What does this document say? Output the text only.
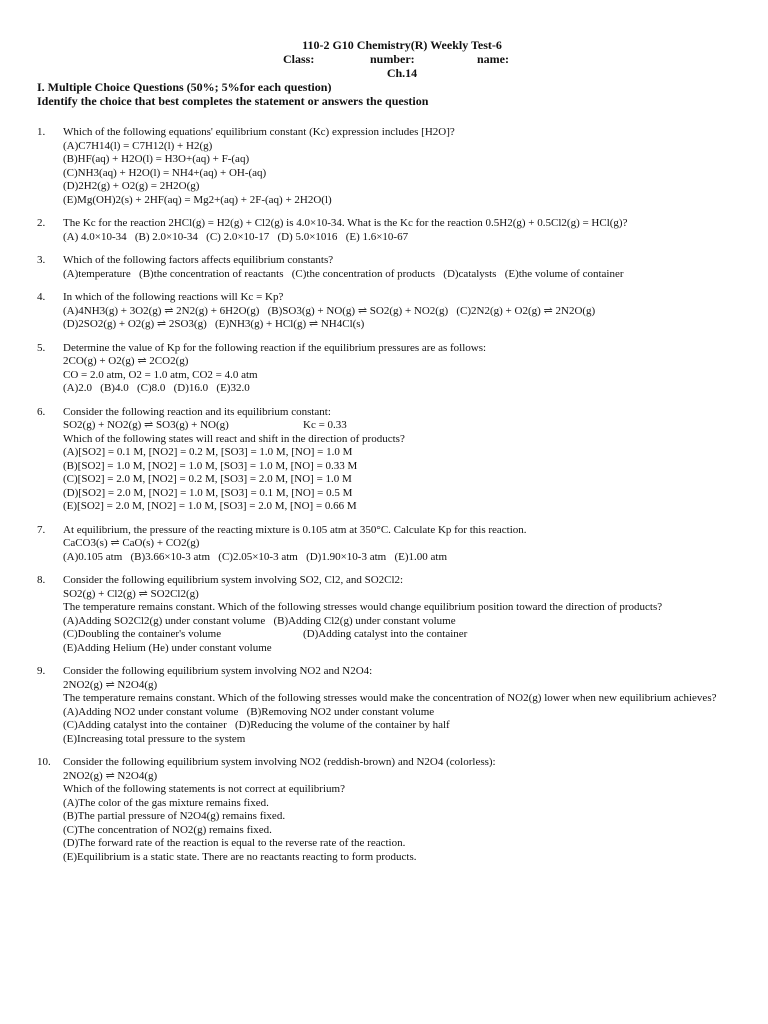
110-2 G10 Chemistry(R) Weekly Test-6
Class:	number:	name:
Ch.14
I. Multiple Choice Questions (50%; 5%for each question)
Identify the choice that best completes the statement or answers the question
1. Which of the following equations' equilibrium constant (Kc) expression includes [H2O]?
(A)C7H14(l) = C7H12(l) + H2(g)
(B)HF(aq) + H2O(l) = H3O+(aq) + F-(aq)
(C)NH3(aq) + H2O(l) = NH4+(aq) + OH-(aq)
(D)2H2(g) + O2(g) = 2H2O(g)
(E)Mg(OH)2(s) + 2HF(aq) = Mg2+(aq) + 2F-(aq) + 2H2O(l)
2. The Kc for the reaction 2HCl(g) = H2(g) + Cl2(g) is 4.0×10-34. What is the Kc for the reaction 0.5H2(g) + 0.5Cl2(g) = HCl(g)?
(A) 4.0×10-34 (B) 2.0×10-34 (C) 2.0×10-17 (D) 5.0×1016 (E) 1.6×10-67
3. Which of the following factors affects equilibrium constants?
(A)temperature (B)the concentration of reactants (C)the concentration of products (D)catalysts (E)the volume of container
4. In which of the following reactions will Kc = Kp?
(A)4NH3(g) + 3O2(g) ⇌ 2N2(g) + 6H2O(g) (B)SO3(g) + NO(g) ⇌ SO2(g) + NO2(g) (C)2N2(g) + O2(g) ⇌ 2N2O(g)
(D)2SO2(g) + O2(g) ⇌ 2SO3(g) (E)NH3(g) + HCl(g) ⇌ NH4Cl(s)
5. Determine the value of Kp for the following reaction if the equilibrium pressures are as follows:
2CO(g) + O2(g) ⇌ 2CO2(g)
CO = 2.0 atm, O2 = 1.0 atm, CO2 = 4.0 atm
(A)2.0 (B)4.0 (C)8.0 (D)16.0 (E)32.0
6. Consider the following reaction and its equilibrium constant:
SO2(g) + NO2(g) ⇌ SO3(g) + NO(g)	Kc = 0.33
Which of the following states will react and shift in the direction of products?
(A)[SO2] = 0.1 M, [NO2] = 0.2 M, [SO3] = 1.0 M, [NO] = 1.0 M
(B)[SO2] = 1.0 M, [NO2] = 1.0 M, [SO3] = 1.0 M, [NO] = 0.33 M
(C)[SO2] = 2.0 M, [NO2] = 0.2 M, [SO3] = 2.0 M, [NO] = 1.0 M
(D)[SO2] = 2.0 M, [NO2] = 1.0 M, [SO3] = 0.1 M, [NO] = 0.5 M
(E)[SO2] = 2.0 M, [NO2] = 1.0 M, [SO3] = 2.0 M, [NO] = 0.66 M
7. At equilibrium, the pressure of the reacting mixture is 0.105 atm at 350°C. Calculate Kp for this reaction.
CaCO3(s) ⇌ CaO(s) + CO2(g)
(A)0.105 atm (B)3.66×10-3 atm (C)2.05×10-3 atm (D)1.90×10-3 atm (E)1.00 atm
8. Consider the following equilibrium system involving SO2, Cl2, and SO2Cl2:
SO2(g) + Cl2(g) ⇌ SO2Cl2(g)
The temperature remains constant. Which of the following stresses would change equilibrium position toward the direction of products?
(A)Adding SO2Cl2(g) under constant volume (B)Adding Cl2(g) under constant volume
(C)Doubling the container's volume	(D)Adding catalyst into the container
(E)Adding Helium (He) under constant volume
9. Consider the following equilibrium system involving NO2 and N2O4:
2NO2(g) ⇌ N2O4(g)
The temperature remains constant. Which of the following stresses would make the concentration of NO2(g) lower when new equilibrium achieves?
(A)Adding NO2 under constant volume (B)Removing NO2 under constant volume
(C)Adding catalyst into the container (D)Reducing the volume of the container by half
(E)Increasing total pressure to the system
10. Consider the following equilibrium system involving NO2 (reddish-brown) and N2O4 (colorless):
2NO2(g) ⇌ N2O4(g)
Which of the following statements is not correct at equilibrium?
(A)The color of the gas mixture remains fixed.
(B)The partial pressure of N2O4(g) remains fixed.
(C)The concentration of NO2(g) remains fixed.
(D)The forward rate of the reaction is equal to the reverse rate of the reaction.
(E)Equilibrium is a static state. There are no reactants reacting to form products.
